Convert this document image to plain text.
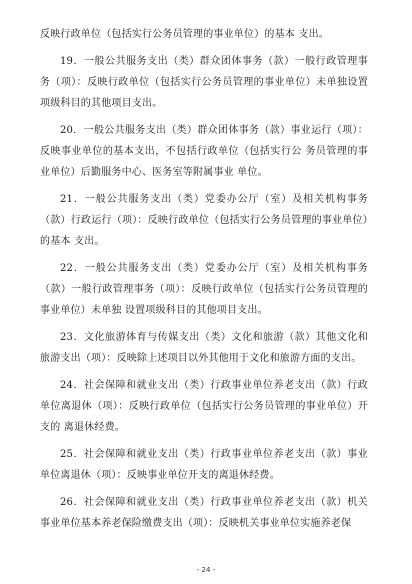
反映行政单位（包括实行公务员管理的事业单位）的基本 支出。

19．一般公共服务支出（类）群众团体事务（款）一般行政管理事务（项）：反映行政单位（包括实行公务员管理的事业单位）未单独设置项级科目的其他项目支出。

20．一般公共服务支出（类）群众团体事务（款）事业运行（项）：反映事业单位的基本支出，不包括行政单位（包括实行公 务员管理的事业单位）后勤服务中心、医务室等附属事业 单位。

21．一般公共服务支出（类）党委办公厅（室）及相关机构事务（款）行政运行（项）：反映行政单位（包括实行公务员管理的事业单位）的基本 支出。

22．一般公共服务支出（类）党委办公厅（室）及相关机构事务（款）一般行政管理事务（项）：反映行政单位（包括实行公务员管理的事业单位）未单独 设置项级科目的其他项目支出。

23．文化旅游体育与传媒支出（类）文化和旅游（款）其他文化和旅游支出（项）：反映除上述项目以外其他用于文化和旅游方面的支出。

24．社会保障和就业支出（类）行政事业单位养老支出（款）行政单位离退休（项）：反映行政单位（包括实行公务员管理的事业单位）开支的 离退休经费。

25．社会保障和就业支出（类）行政事业单位养老支出（款）事业单位离退休（项）：反映事业单位开支的离退休经费。

26．社会保障和就业支出（类）行政事业单位养老支出（款）机关事业单位基本养老保险缴费支出（项）：反映机关事业单位实施养老保

- 24 -
